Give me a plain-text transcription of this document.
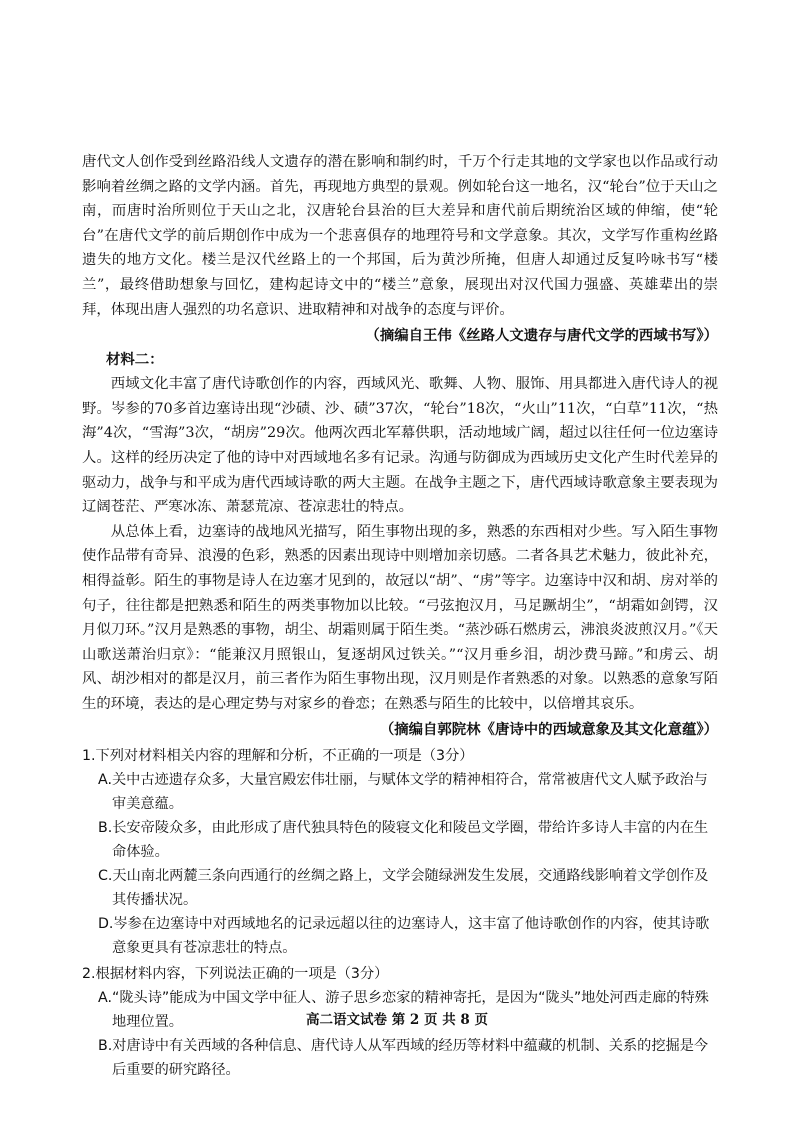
唐代文人创作受到丝路沿线人文遗存的潜在影响和制约时，千万个行走其地的文学家也以作品或行动影响着丝绸之路的文学内涵。首先，再现地方典型的景观。例如轮台这一地名，汉“轮台”位于天山之南，而唐时治所则位于天山之北，汉唐轮台县治的巨大差异和唐代前后期统治区域的伸缩，使“轮台”在唐代文学的前后期创作中成为一个悲喜俱存的地理符号和文学意象。其次，文学写作重构丝路遗失的地方文化。楼兰是汉代丝路上的一个邦国，后为黄沙所掩，但唐人却通过反复吟咏书写“楼兰”，最终借助想象与回忆，建构起诗文中的“楼兰”意象，展现出对汉代国力强盛、英雄辈出的崇拜，体现出唐人强烈的功名意识、进取精神和对战争的态度与评价。

（摘编自王伟《丝路人文遗存与唐代文学的西域书写》）

材料二：

西域文化丰富了唐代诗歌创作的内容，西域风光、歌舞、人物、服饰、用具都进入唐代诗人的视野。岑参的70多首边塞诗出现“沙碛、沙、碛”37次，“轮台”18次，“火山”11次，“白草”11次，“热海”4次，“雪海”3次，“胡房”29次。他两次西北军幕供职，活动地域广阔，超过以往任何一位边塞诗人。这样的经历决定了他的诗中对西域地名多有记录。沟通与防御成为西域历史文化产生时代差异的驱动力，战争与和平成为唐代西域诗歌的两大主题。在战争主题之下，唐代西域诗歌意象主要表现为辽阔苍茫、严寒冰冻、萧瑟荒凉、苍凉悲壮的特点。

从总体上看，边塞诗的战地风光描写，陌生事物出现的多，熟悉的东西相对少些。写入陌生事物使作品带有奇异、浪漫的色彩，熟悉的因素出现诗中则增加亲切感。二者各具艺术魅力，彼此补充，相得益彰。陌生的事物是诗人在边塞才见到的，故冠以“胡”、“虏”等字。边塞诗中汉和胡、房对举的句子，往往都是把熟悉和陌生的两类事物加以比较。“弓弦抱汉月，马足蹶胡尘”，“胡霜如剑锷，汉月似刀环。”汉月是熟悉的事物，胡尘、胡霜则属于陌生类。“蒸沙砾石燃虏云，沸浪炎波煎汉月。”《天山歌送萧治归京》：“能兼汉月照银山，复逐胡风过铁关。”“汉月垂乡泪，胡沙费马蹄。”和虏云、胡风、胡沙相对的都是汉月，前三者作为陌生事物出现，汉月则是作者熟悉的对象。以熟悉的意象写陌生的环境，表达的是心理定势与对家乡的眷恋；在熟悉与陌生的比较中，以倍增其哀乐。

（摘编自郭院林《唐诗中的西域意象及其文化意蕴》）

1.下列对材料相关内容的理解和分析，不正确的一项是（3分）

A.关中古迹遗存众多，大量宫殿宏伟壮丽，与赋体文学的精神相符合，常常被唐代文人赋予政治与审美意蕴。

B.长安帝陵众多，由此形成了唐代独具特色的陵寝文化和陵邑文学圈，带给许多诗人丰富的内在生命体验。

C.天山南北两麓三条向西通行的丝绸之路上，文学会随绿洲发生发展，交通路线影响着文学创作及其传播状况。

D.岑参在边塞诗中对西域地名的记录远超以往的边塞诗人，这丰富了他诗歌创作的内容，使其诗歌意象更具有苍凉悲壮的特点。

2.根据材料内容，下列说法正确的一项是（3分）

A.“陇头诗”能成为中国文学中征人、游子思乡恋家的精神寄托，是因为“陇头”地处河西走廊的特殊地理位置。

B.对唐诗中有关西域的各种信息、唐代诗人从军西域的经历等材料中蕴藏的机制、关系的挖掘是今后重要的研究路径。

高二语文试卷 第 2 页 共 8 页
